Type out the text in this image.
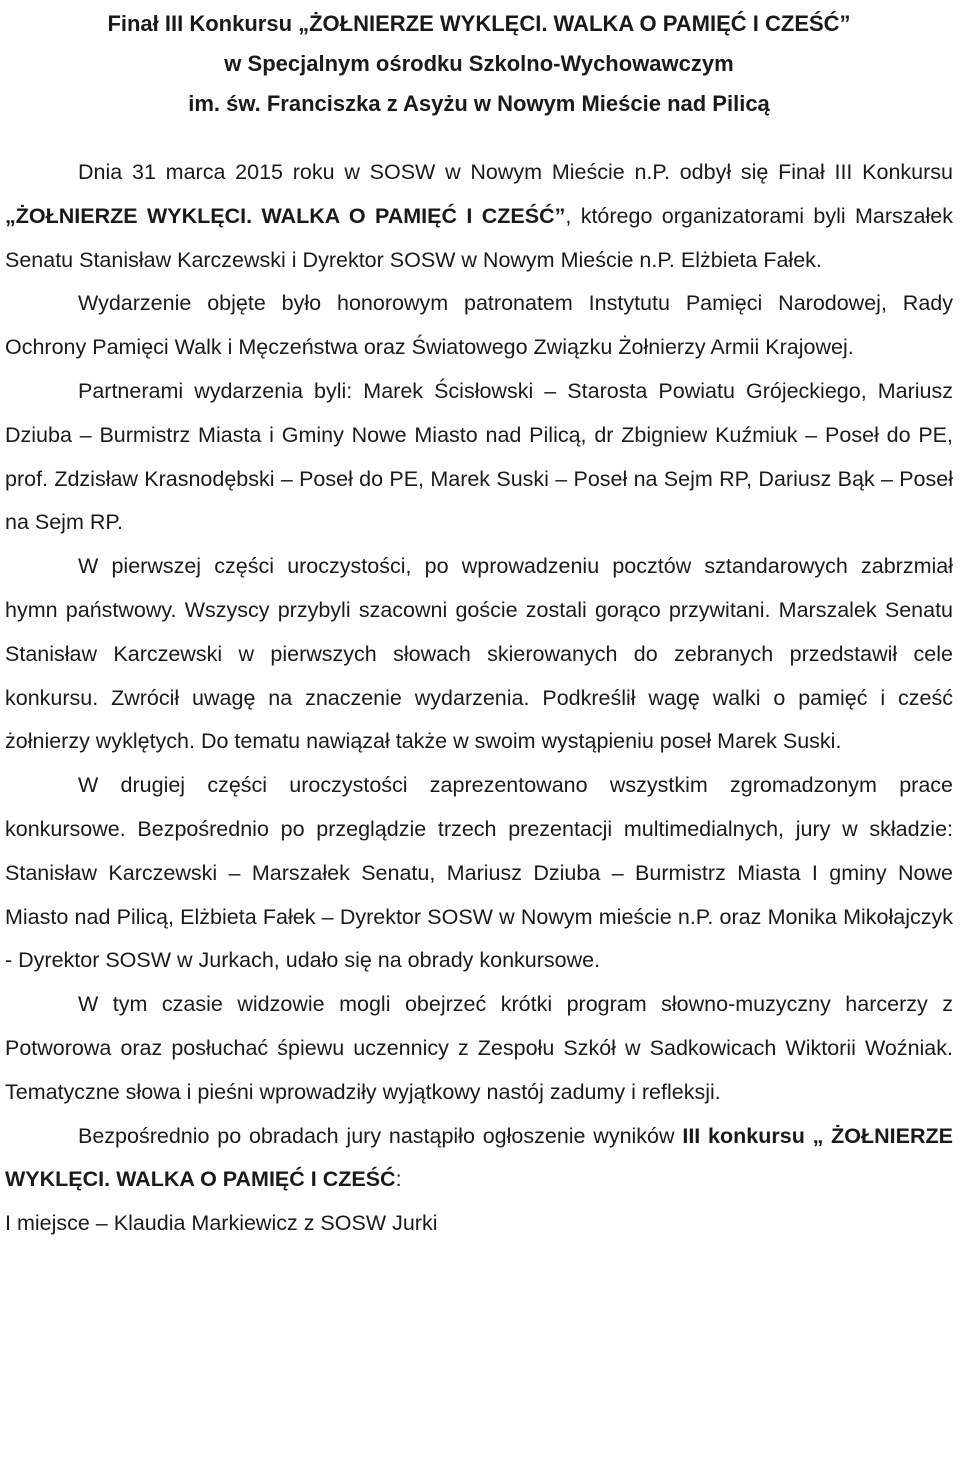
Finał III Konkursu „ŻOŁNIERZE WYKLĘCI. WALKA O PAMIĘĆ I CZEŚĆ”
w Specjalnym ośrodku Szkolno-Wychowawczym
im. św. Franciszka z Asyżu w Nowym Mieście nad Pilicą

Dnia 31 marca 2015 roku w SOSW w Nowym Mieście n.P. odbył się Finał III Konkursu „ŻOŁNIERZE WYKLĘCI. WALKA O PAMIĘĆ I CZEŚĆ”, którego organizatorami byli Marszałek Senatu Stanisław Karczewski i Dyrektor SOSW w Nowym Mieście n.P. Elżbieta Fałek.

Wydarzenie objęte było honorowym patronatem Instytutu Pamięci Narodowej, Rady Ochrony Pamięci Walk i Męczeństwa oraz Światowego Związku Żołnierzy Armii Krajowej.

Partnerami wydarzenia byli: Marek Ścisłowski – Starosta Powiatu Grójeckiego, Mariusz Dziuba – Burmistrz Miasta i Gminy Nowe Miasto nad Pilicą, dr Zbigniew Kuźmiuk – Poseł do PE, prof. Zdzisław Krasnodębski – Poseł do PE, Marek Suski – Poseł na Sejm RP, Dariusz Bąk – Poseł na Sejm RP.

W pierwszej części uroczystości, po wprowadzeniu pocztów sztandarowych zabrzmiał hymn państwowy. Wszyscy przybyli szacowni goście zostali gorąco przywitani. Marszalek Senatu Stanisław Karczewski w pierwszych słowach skierowanych do zebranych przedstawił cele konkursu. Zwrócił uwagę na znaczenie wydarzenia. Podkreślił wagę walki o pamięć i cześć żołnierzy wyklętych. Do tematu nawiązał także w swoim wystąpieniu poseł Marek Suski.

W drugiej części uroczystości zaprezentowano wszystkim zgromadzonym prace konkursowe. Bezpośrednio po przeglądzie trzech prezentacji multimedialnych, jury w składzie: Stanisław Karczewski – Marszałek Senatu, Mariusz Dziuba – Burmistrz Miasta I gminy Nowe Miasto nad Pilicą, Elżbieta Fałek – Dyrektor SOSW w Nowym mieście n.P. oraz Monika Mikołajczyk - Dyrektor SOSW w Jurkach, udało się na obrady konkursowe.

W tym czasie widzowie mogli obejrzeć krótki program słowno-muzyczny harcerzy z Potworowa oraz posłuchać śpiewu uczennicy z Zespołu Szkół w Sadkowicach Wiktorii Woźniak. Tematyczne słowa i pieśni wprowadziły wyjątkowy nastój zadumy i refleksji.

Bezpośrednio po obradach jury nastąpiło ogłoszenie wyników III konkursu „ ŻOŁNIERZE WYKLĘCI. WALKA O PAMIĘĆ I CZEŚĆ:

I miejsce – Klaudia Markiewicz z SOSW Jurki
